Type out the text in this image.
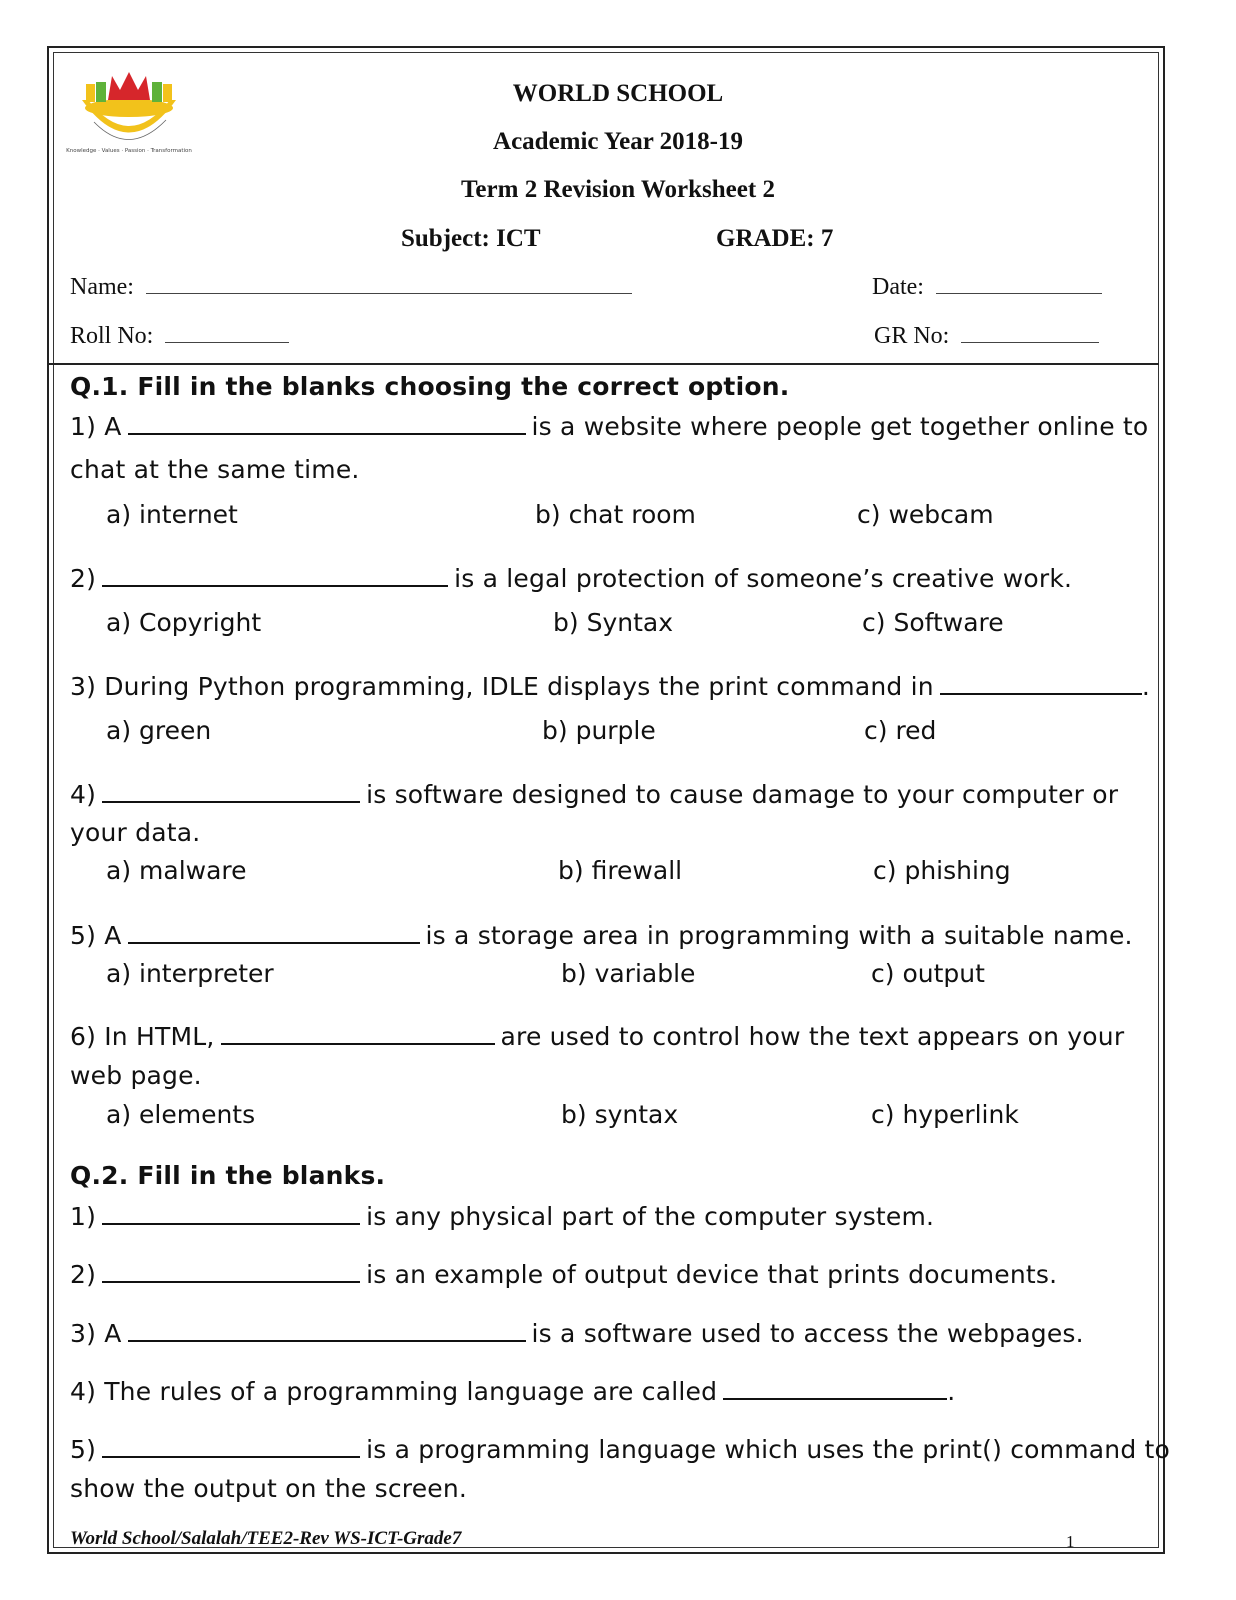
Knowledge · Values · Passion · Transformation
WORLD SCHOOL
Academic Year 2018-19
Term 2 Revision Worksheet 2
Subject: ICT	GRADE: 7
Name:	Date:
Roll No:	GR No:
Q.1. Fill in the blanks choosing the correct option.
1) A	is a website where people get together online to
chat at the same time.
a) internet	b) chat room	c) webcam
2)	is a legal protection of someone’s creative work.
a) Copyright	b) Syntax	c) Software
3) During Python programming, IDLE displays the print command in	.
a) green	b) purple	c) red
4)	is software designed to cause damage to your computer or
your data.
a) malware	b) firewall	c) phishing
5) A	is a storage area in programming with a suitable name.
a) interpreter	b) variable	c) output
6) In HTML,	are used to control how the text appears on your
web page.
a) elements	b) syntax	c) hyperlink
Q.2. Fill in the blanks.
1)	is any physical part of the computer system.
2)	is an example of output device that prints documents.
3) A	is a software used to access the webpages.
4) The rules of a programming language are called	.
5)	is a programming language which uses the print() command to
show the output on the screen.
World School/Salalah/TEE2-Rev WS-ICT-Grade7	1
